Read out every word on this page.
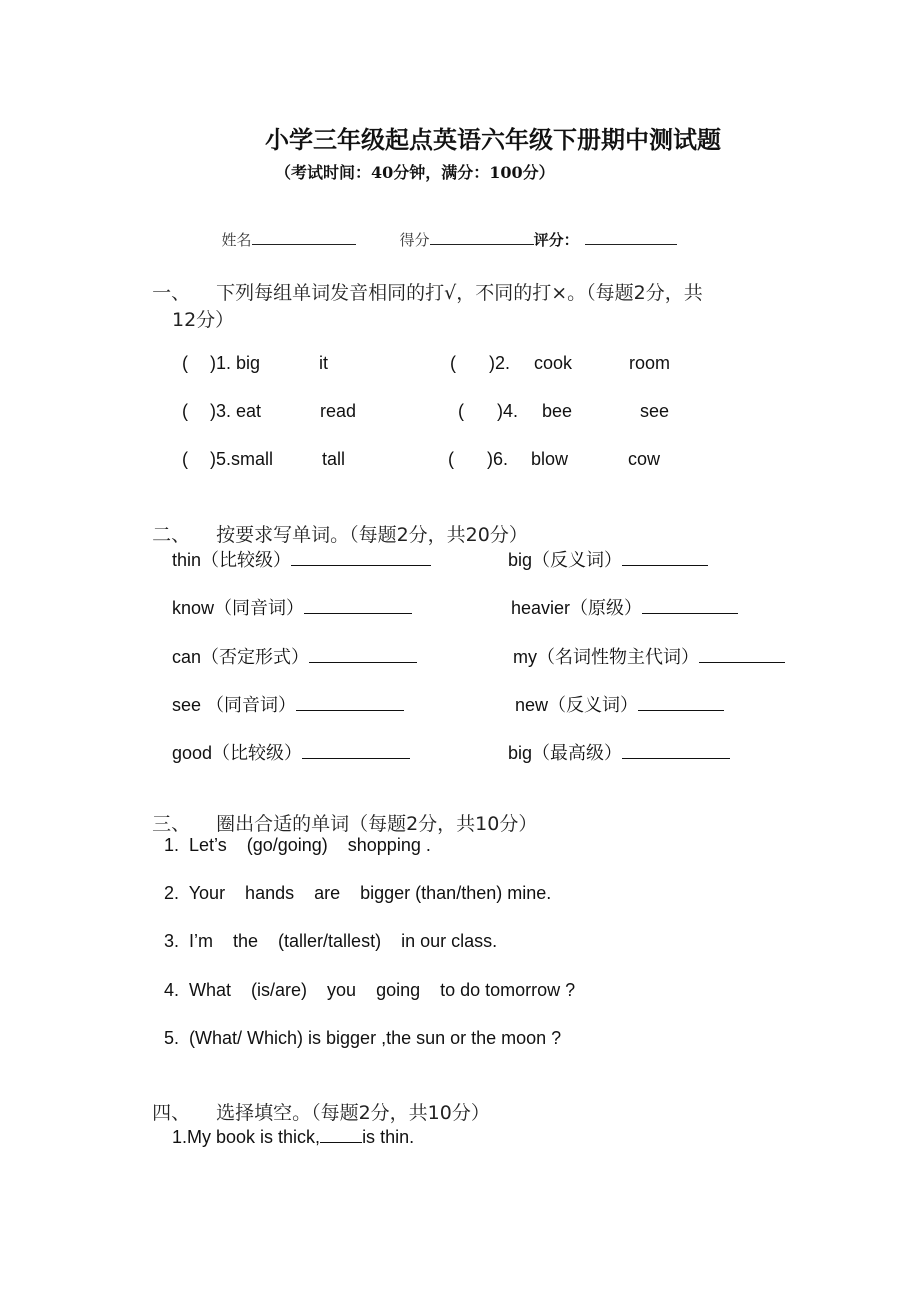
小学三年级起点英语六年级下册期中测试题
（考试时间：40分钟，满分：100分）

姓名	得分	评分：

一、 下列每组单词发音相同的打√，不同的打×。（每题2分，共

12分）
( )1. big	it	( )2. cook	room
( )3. eat	read	( )4. bee	see
( )5.small	tall	( )6. blow	cow

二、 按要求写单词。（每题2分，共20分）

thin（比较级）	big（反义词）
know（同音词）	heavier（原级）
can（否定形式）	my（名词性物主代词）
see （同音词）	new（反义词）
good（比较级）	big（最高级）

三、 圈出合适的单词（每题2分，共10分）

1.  Let’s    (go/going)    shopping .
2.  Your    hands    are    bigger (than/then) mine.
3.  I’m    the    (taller/tallest)    in our class.
4.  What    (is/are)    you    going    to do tomorrow ?
5.  (What/ Which) is bigger ,the sun or the moon ?

四、 选择填空。（每题2分，共10分）

1.My book is thick, is thin.
